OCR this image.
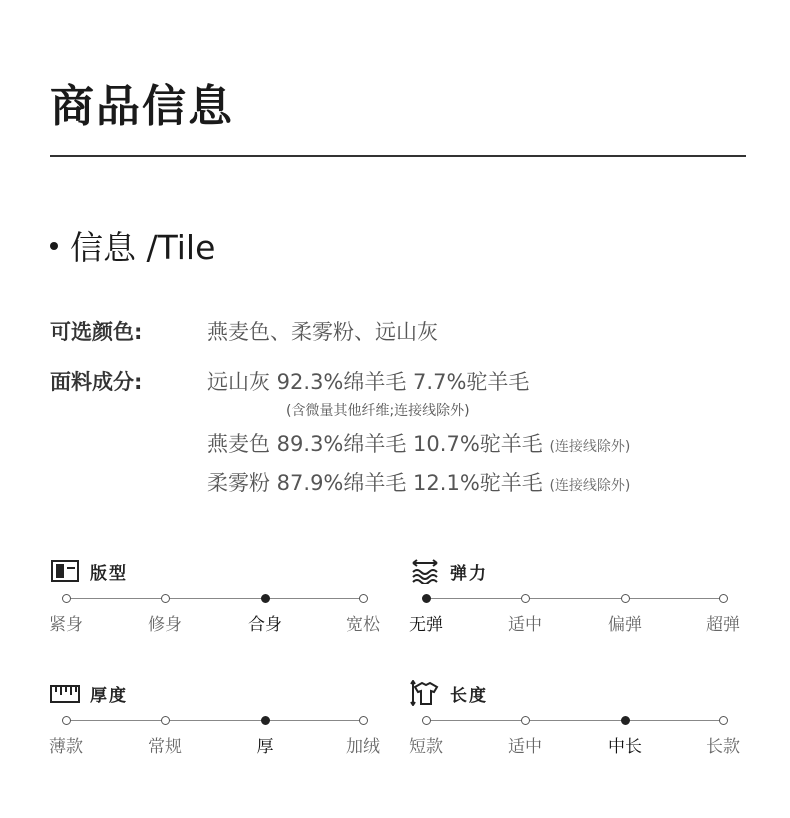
商品信息
信息 /Tile
可选颜色:	燕麦色、柔雾粉、远山灰
面料成分:	远山灰 92.3%绵羊毛 7.7%驼羊毛
(含微量其他纤维;连接线除外)
燕麦色 89.3%绵羊毛 10.7%驼羊毛 (连接线除外)
柔雾粉 87.9%绵羊毛 12.1%驼羊毛 (连接线除外)
版型
紧身	修身	合身	宽松
弹力
无弹	适中	偏弹	超弹
厚度
薄款	常规	厚	加绒
长度
短款	适中	中长	长款
